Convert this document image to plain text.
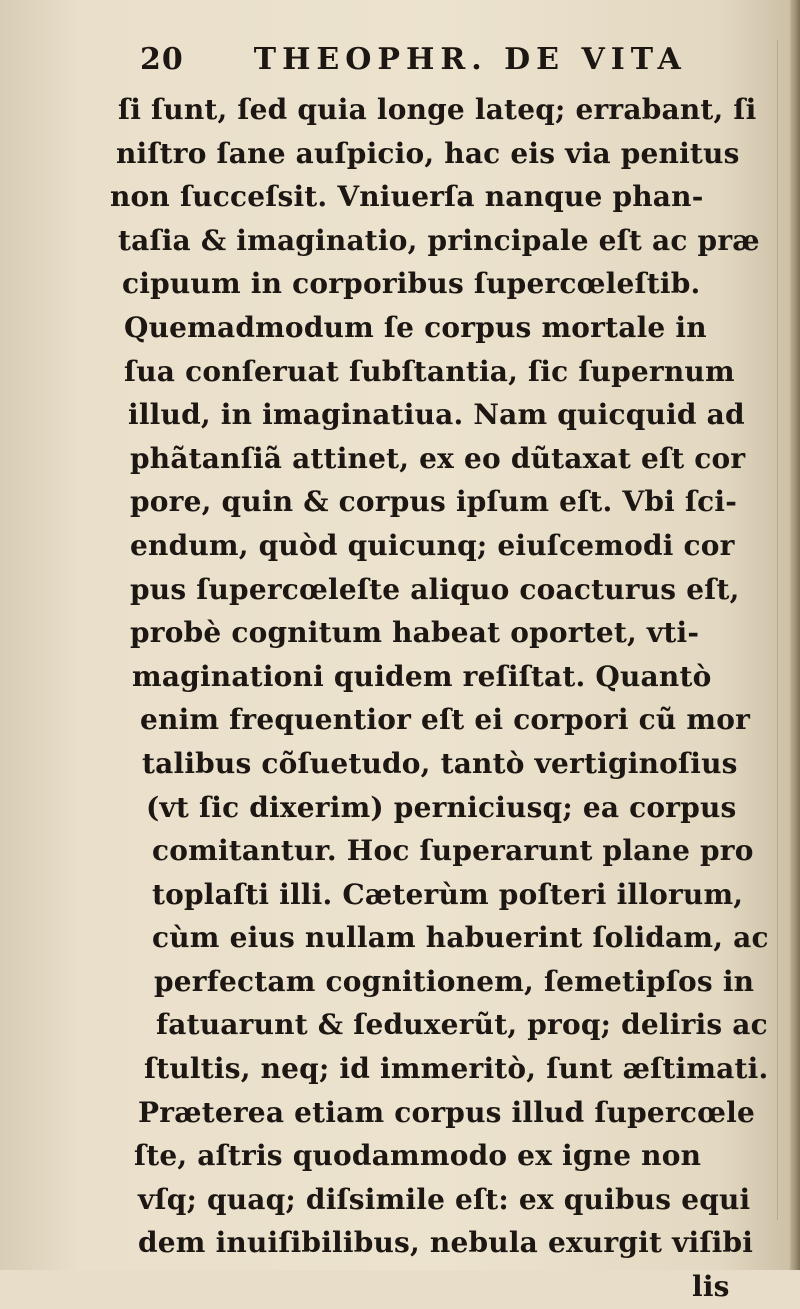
20 THEOPHR. DE VITA
ſi ſunt, ſed quia longe lateq; errabant, ſi
niſtro ſane auſpicio, hac eis via penitus
non ſucceſsit. Vniuerſa nanque phan-
taſia & imaginatio, principale eſt ac præ
cipuum in corporibus ſupercœleſtib.
Quemadmodum ſe corpus mortale in
ſua conſeruat ſubſtantia, ſic ſupernum
illud, in imaginatiua. Nam quicquid ad
phãtanſiã attinet, ex eo dũtaxat eſt cor
pore, quin & corpus ipſum eſt. Vbi ſci-
endum, quòd quicunq; eiuſcemodi cor
pus ſupercœleſte aliquo coacturus eſt,
probè cognitum habeat oportet, vti-
maginationi quidem reſiſtat. Quantò
enim frequentior eſt ei corpori cũ mor
talibus cõſuetudo, tantò vertiginoſius
(vt ſic dixerim) perniciusq; ea corpus
comitantur. Hoc ſuperarunt plane pro
toplaſti illi. Cæterùm poſteri illorum,
cùm eius nullam habuerint ſolidam, ac
perfectam cognitionem, ſemetipſos in
fatuarunt & ſeduxerũt, proq; deliris ac
ſtultis, neq; id immeritò, ſunt æſtimati.
Præterea etiam corpus illud ſupercœle
ſte, aſtris quodammodo ex igne non
vſq; quaq; diſsimile eſt: ex quibus equi
dem inuiſibilibus, nebula exurgit viſibi
lis
